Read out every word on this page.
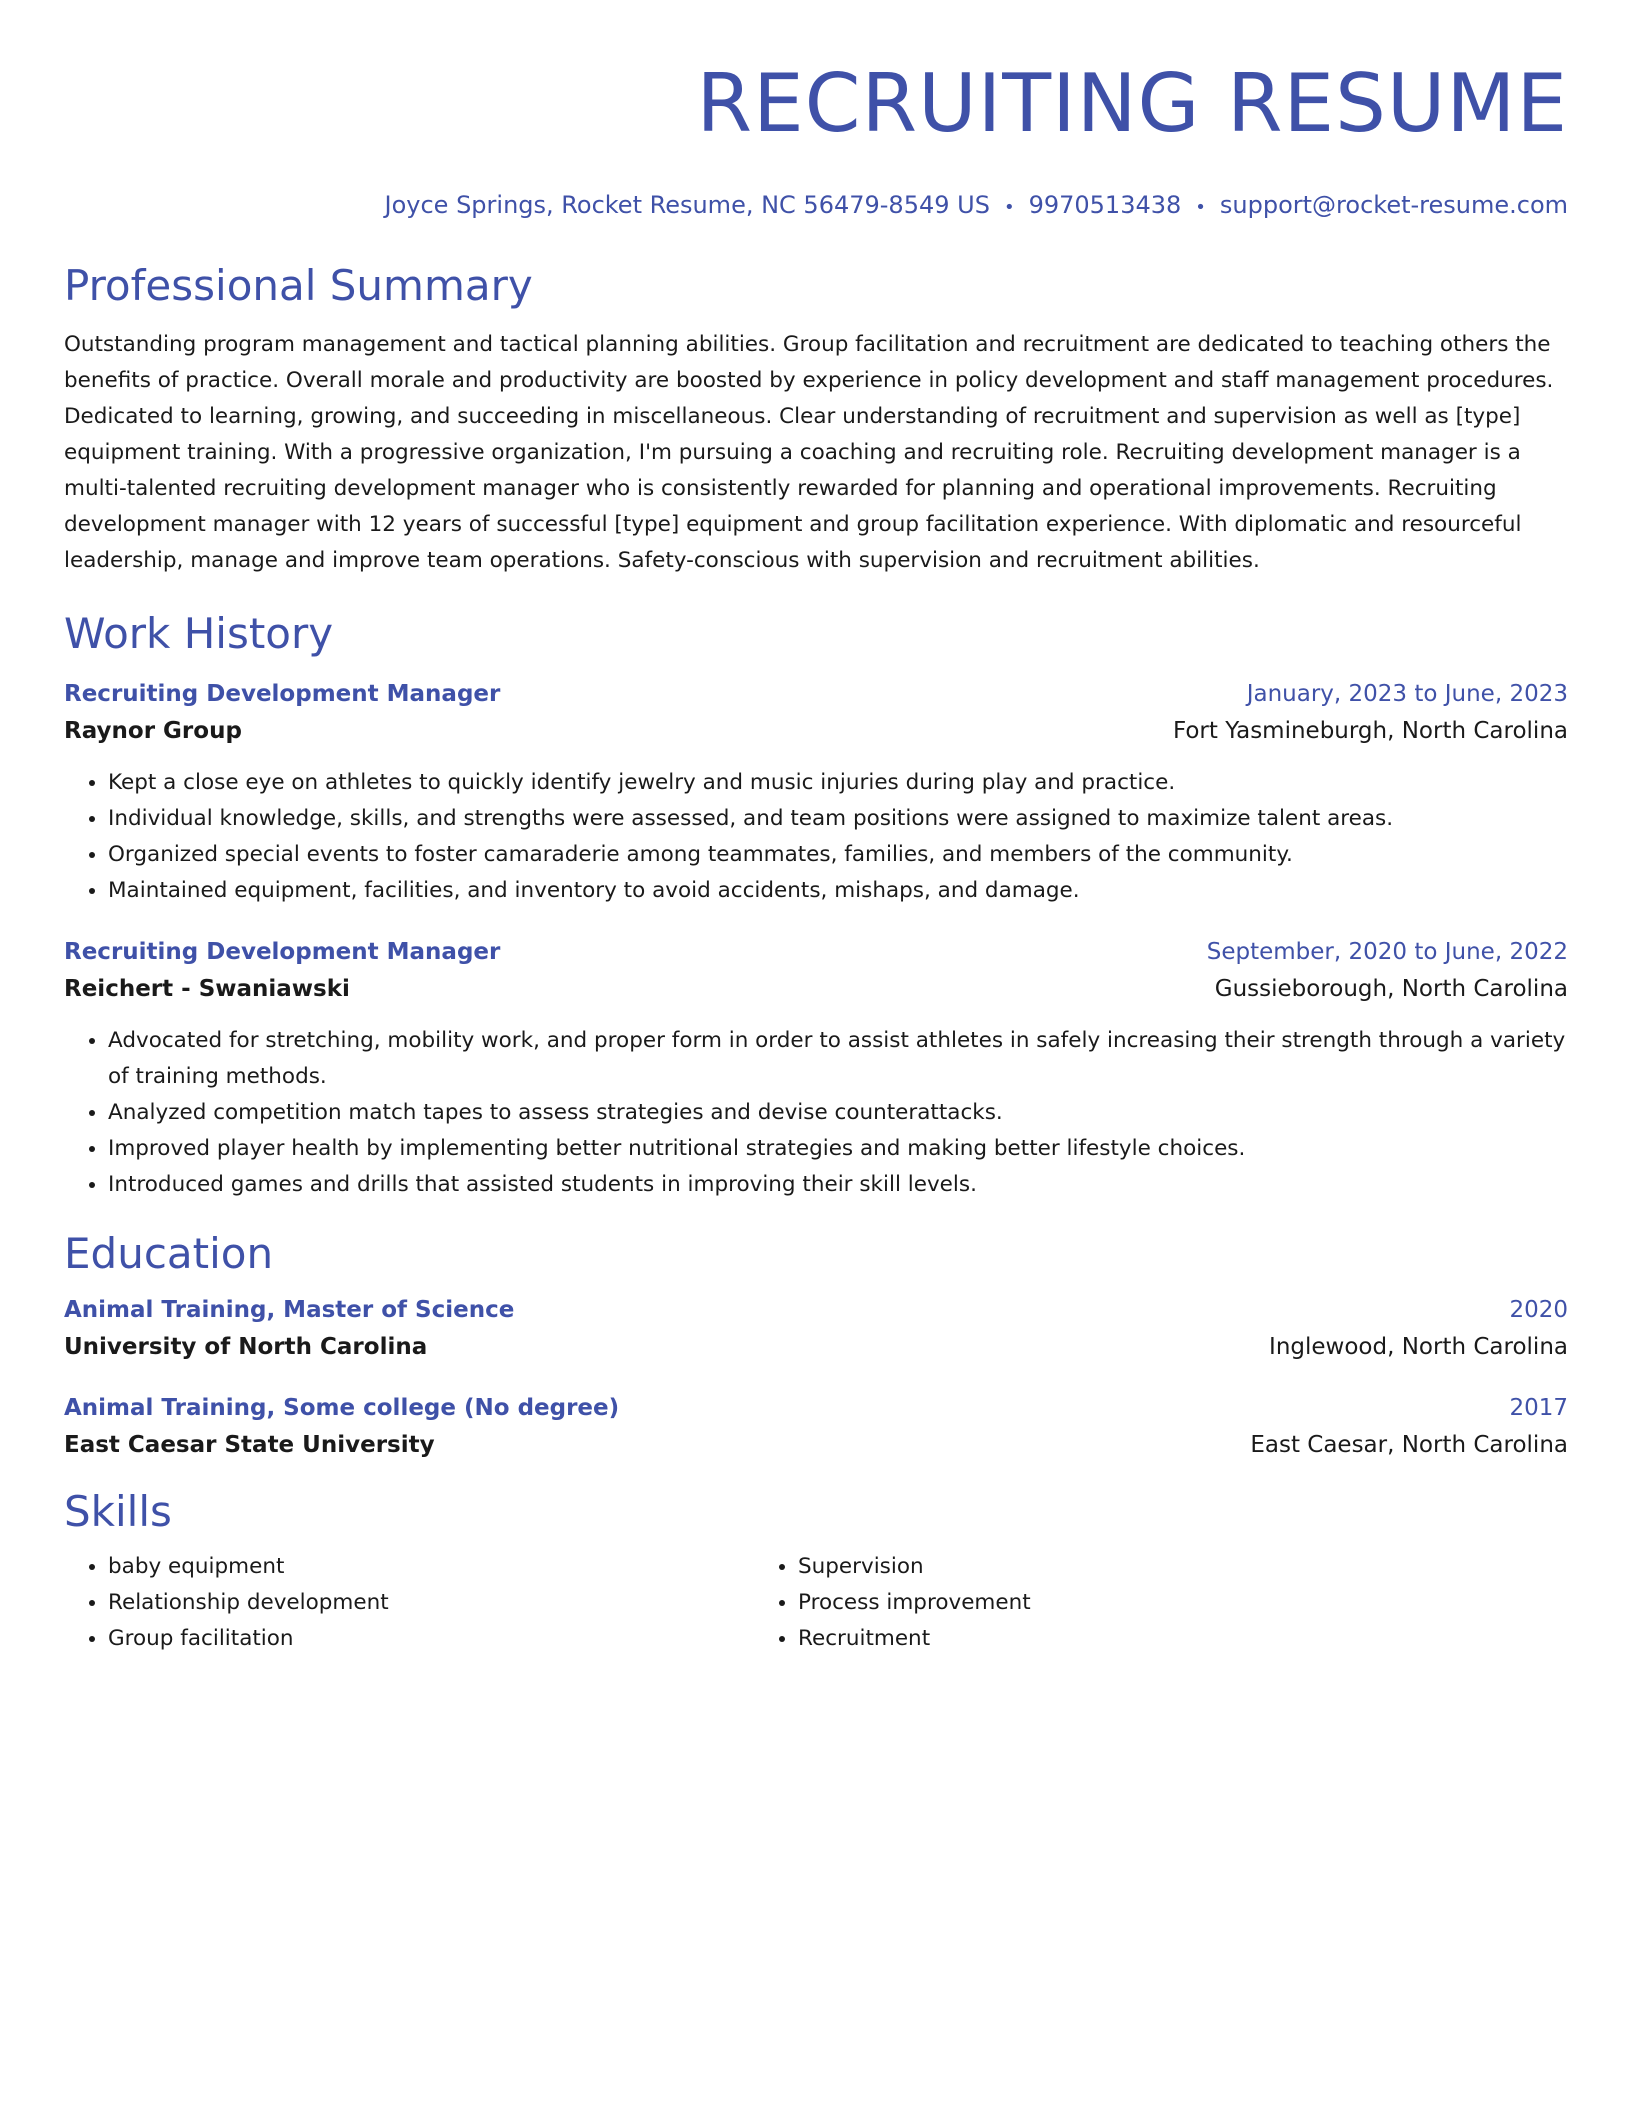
RECRUITING RESUME
Joyce Springs, Rocket Resume, NC 56479-8549 US • 9970513438 • support@rocket-resume.com
Professional Summary
Outstanding program management and tactical planning abilities. Group facilitation and recruitment are dedicated to teaching others the benefits of practice. Overall morale and productivity are boosted by experience in policy development and staff management procedures. Dedicated to learning, growing, and succeeding in miscellaneous. Clear understanding of recruitment and supervision as well as [type] equipment training. With a progressive organization, I'm pursuing a coaching and recruiting role. Recruiting development manager is a multi-talented recruiting development manager who is consistently rewarded for planning and operational improvements. Recruiting development manager with 12 years of successful [type] equipment and group facilitation experience. With diplomatic and resourceful leadership, manage and improve team operations. Safety-conscious with supervision and recruitment abilities.
Work History
Recruiting Development Manager	January, 2023 to June, 2023
Raynor Group	Fort Yasmineburgh, North Carolina
• Kept a close eye on athletes to quickly identify jewelry and music injuries during play and practice.
• Individual knowledge, skills, and strengths were assessed, and team positions were assigned to maximize talent areas.
• Organized special events to foster camaraderie among teammates, families, and members of the community.
• Maintained equipment, facilities, and inventory to avoid accidents, mishaps, and damage.
Recruiting Development Manager	September, 2020 to June, 2022
Reichert - Swaniawski	Gussieborough, North Carolina
• Advocated for stretching, mobility work, and proper form in order to assist athletes in safely increasing their strength through a variety of training methods.
• Analyzed competition match tapes to assess strategies and devise counterattacks.
• Improved player health by implementing better nutritional strategies and making better lifestyle choices.
• Introduced games and drills that assisted students in improving their skill levels.
Education
Animal Training, Master of Science	2020
University of North Carolina	Inglewood, North Carolina
Animal Training, Some college (No degree)	2017
East Caesar State University	East Caesar, North Carolina
Skills
• baby equipment
• Relationship development
• Group facilitation
• Supervision
• Process improvement
• Recruitment
